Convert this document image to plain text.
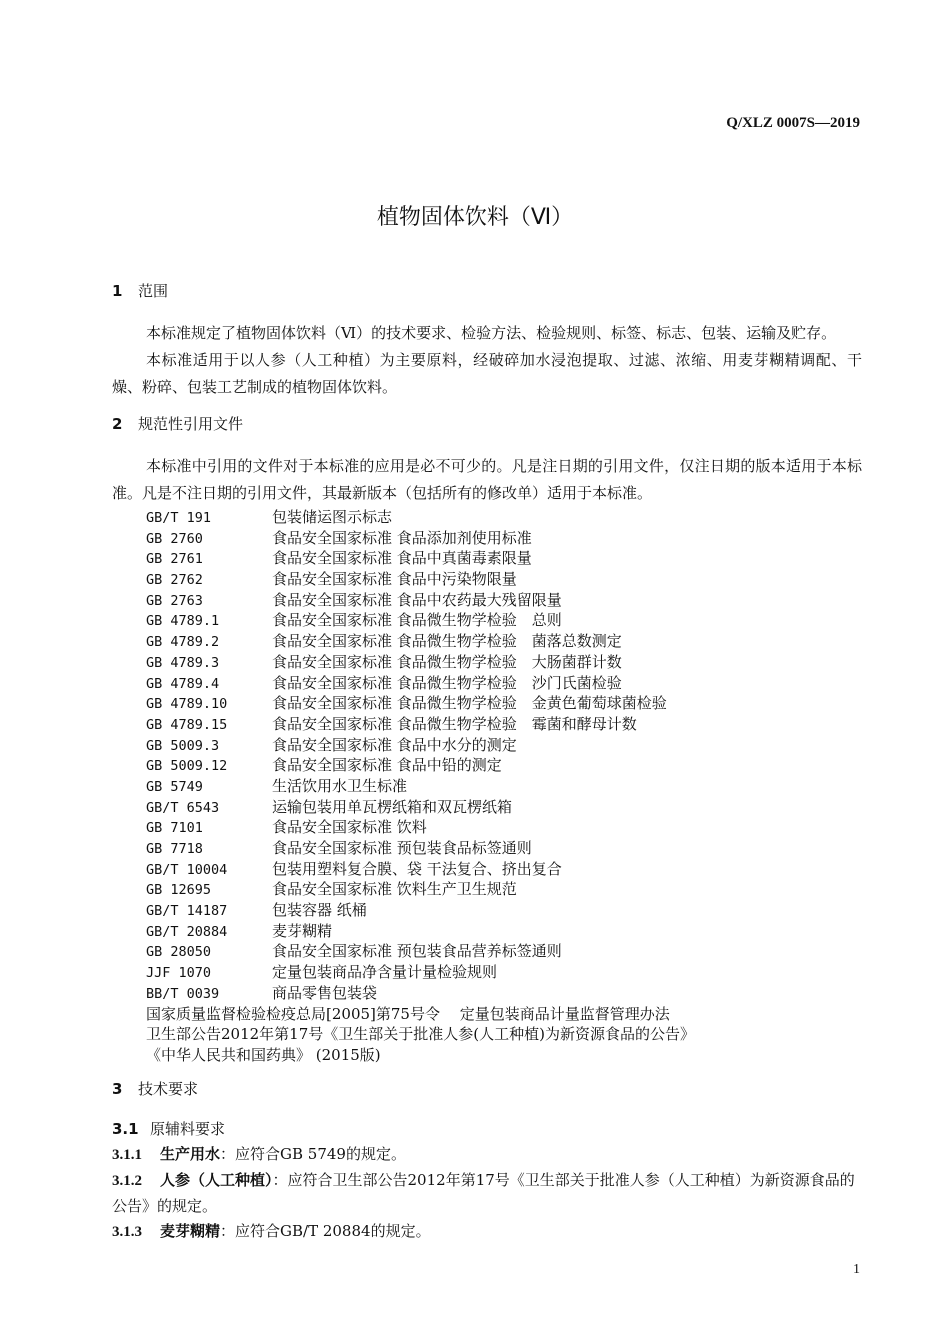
Q/XLZ 0007S—2019
植物固体饮料（Ⅵ）
1 范围

本标准规定了植物固体饮料（Ⅵ）的技术要求、检验方法、检验规则、标签、标志、包装、运输及贮存。

本标准适用于以人参（人工种植）为主要原料，经破碎加水浸泡提取、过滤、浓缩、用麦芽糊精调配、干燥、粉碎、包装工艺制成的植物固体饮料。

2 规范性引用文件

本标准中引用的文件对于本标准的应用是必不可少的。凡是注日期的引用文件，仅注日期的版本适用于本标准。凡是不注日期的引用文件，其最新版本（包括所有的修改单）适用于本标准。

GB/T 191	包装储运图示标志
GB 2760	食品安全国家标准 食品添加剂使用标准
GB 2761	食品安全国家标准 食品中真菌毒素限量
GB 2762	食品安全国家标准 食品中污染物限量
GB 2763	食品安全国家标准 食品中农药最大残留限量
GB 4789.1	食品安全国家标准 食品微生物学检验　总则
GB 4789.2	食品安全国家标准 食品微生物学检验　菌落总数测定
GB 4789.3	食品安全国家标准 食品微生物学检验　大肠菌群计数
GB 4789.4	食品安全国家标准 食品微生物学检验　沙门氏菌检验
GB 4789.10	食品安全国家标准 食品微生物学检验　金黄色葡萄球菌检验
GB 4789.15	食品安全国家标准 食品微生物学检验　霉菌和酵母计数
GB 5009.3	食品安全国家标准 食品中水分的测定
GB 5009.12	食品安全国家标准 食品中铅的测定
GB 5749	生活饮用水卫生标准
GB/T 6543	运输包装用单瓦楞纸箱和双瓦楞纸箱
GB 7101	食品安全国家标准 饮料
GB 7718	食品安全国家标准 预包装食品标签通则
GB/T 10004	包装用塑料复合膜、袋 干法复合、挤出复合
GB 12695	食品安全国家标准 饮料生产卫生规范
GB/T 14187	包装容器 纸桶
GB/T 20884	麦芽糊精
GB 28050	食品安全国家标准 预包装食品营养标签通则
JJF 1070	定量包装商品净含量计量检验规则
BB/T 0039	商品零售包装袋
国家质量监督检验检疫总局[2005]第75号令　 定量包装商品计量监督管理办法
卫生部公告2012年第17号《卫生部关于批准人参(人工种植)为新资源食品的公告》
《中华人民共和国药典》 (2015版)
3 技术要求
3.1 原辅料要求

3.1.1 生产用水：应符合GB 5749的规定。

3.1.2 人参（人工种植）：应符合卫生部公告2012年第17号《卫生部关于批准人参（人工种植）为新资源食品的公告》的规定。

3.1.3 麦芽糊精：应符合GB/T 20884的规定。

1
